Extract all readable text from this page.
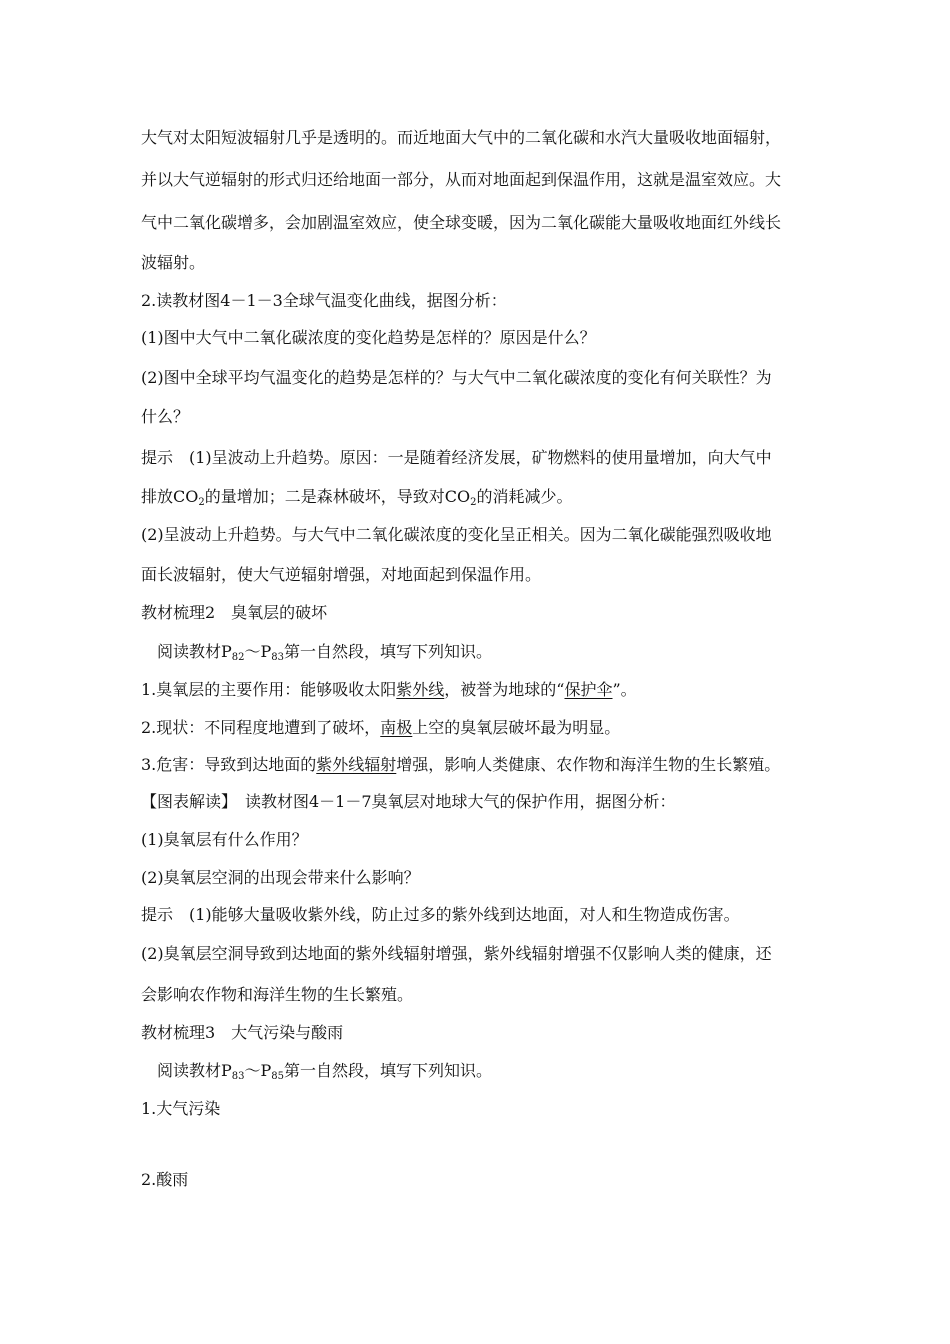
大气对太阳短波辐射几乎是透明的。而近地面大气中的二氧化碳和水汽大量吸收地面辐射，
并以大气逆辐射的形式归还给地面一部分，从而对地面起到保温作用，这就是温室效应。大
气中二氧化碳增多，会加剧温室效应，使全球变暖，因为二氧化碳能大量吸收地面红外线长
波辐射。
2.读教材图4－1－3全球气温变化曲线，据图分析：
(1)图中大气中二氧化碳浓度的变化趋势是怎样的？原因是什么？
(2)图中全球平均气温变化的趋势是怎样的？与大气中二氧化碳浓度的变化有何关联性？为
什么？
提示　(1)呈波动上升趋势。原因：一是随着经济发展，矿物燃料的使用量增加，向大气中
排放$CO_2$的量增加；二是森林破坏，导致对$CO_2$的消耗减少。
(2)呈波动上升趋势。与大气中二氧化碳浓度的变化呈正相关。因为二氧化碳能强烈吸收地
面长波辐射，使大气逆辐射增强，对地面起到保温作用。
教材梳理2　臭氧层的破坏
阅读教材$P_{82}\sim P_{83}$第一自然段，填写下列知识。
1.臭氧层的主要作用：能够吸收太阳紫外线，被誉为地球的“保护伞”。
2.现状：不同程度地遭到了破坏，南极上空的臭氧层破坏最为明显。
3.危害：导致到达地面的紫外线辐射增强，影响人类健康、农作物和海洋生物的生长繁殖。
【图表解读】　读教材图4－1－7臭氧层对地球大气的保护作用，据图分析：
(1)臭氧层有什么作用？
(2)臭氧层空洞的出现会带来什么影响？
提示　(1)能够大量吸收紫外线，防止过多的紫外线到达地面，对人和生物造成伤害。
(2)臭氧层空洞导致到达地面的紫外线辐射增强，紫外线辐射增强不仅影响人类的健康，还
会影响农作物和海洋生物的生长繁殖。
教材梳理3　大气污染与酸雨
阅读教材$P_{83}\sim P_{85}$第一自然段，填写下列知识。
1.大气污染
2.酸雨
